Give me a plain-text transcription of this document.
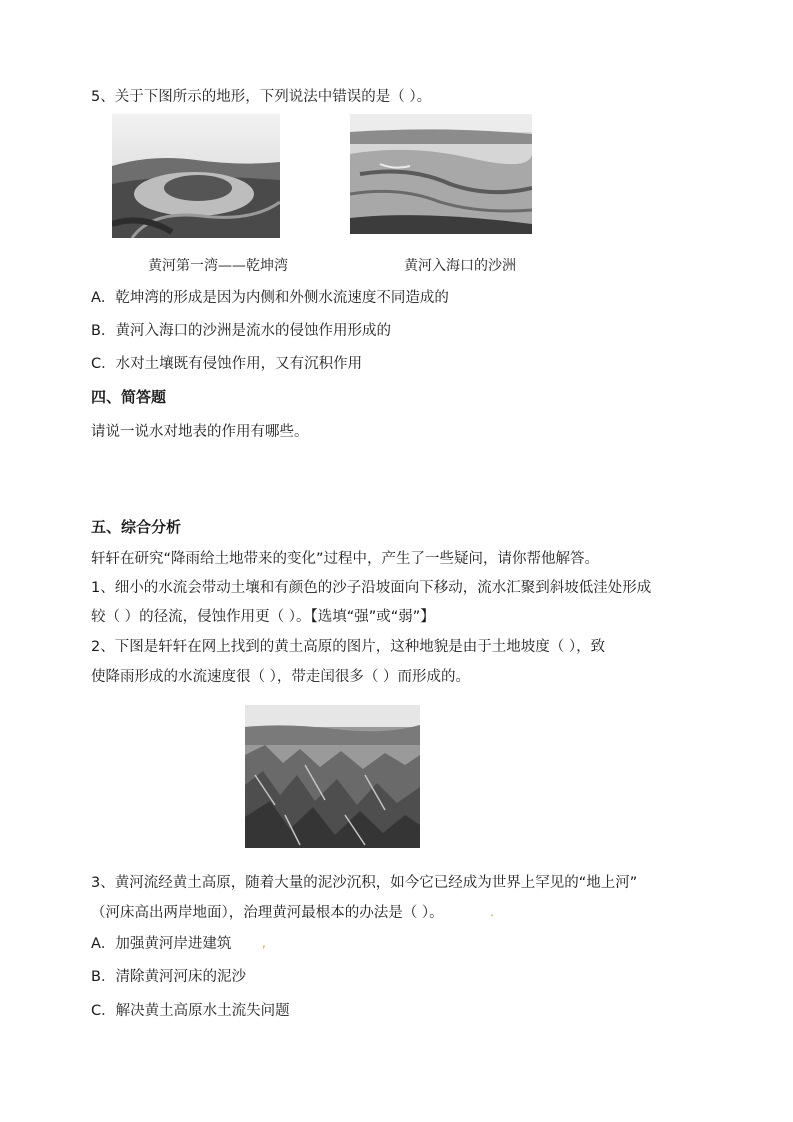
5、关于下图所示的地形，下列说法中错误的是（ ）。
黄河第一湾——乾坤湾	黄河入海口的沙洲
A．乾坤湾的形成是因为内侧和外侧水流速度不同造成的
B．黄河入海口的沙洲是流水的侵蚀作用形成的
C．水对土壤既有侵蚀作用，又有沉积作用
四、简答题
请说一说水对地表的作用有哪些。
五、综合分析
轩轩在研究“降雨给土地带来的变化”过程中，产生了一些疑问，请你帮他解答。
1、细小的水流会带动土壤和有颜色的沙子沿坡面向下移动，流水汇聚到斜坡低洼处形成
较（ ）的径流，侵蚀作用更（ ）。【选填“强”或“弱”】
2、下图是轩轩在网上找到的黄土高原的图片，这种地貌是由于土地坡度（ ），致
使降雨形成的水流速度很（ ），带走闰很多（ ）而形成的。
3、黄河流经黄土高原，随着大量的泥沙沉积，如今它已经成为世界上罕见的“地上河”
（河床高出两岸地面），治理黄河最根本的办法是（ ）。	.
A．加强黄河岸进建筑	,
B．清除黄河河床的泥沙
C．解决黄土高原水土流失问题
